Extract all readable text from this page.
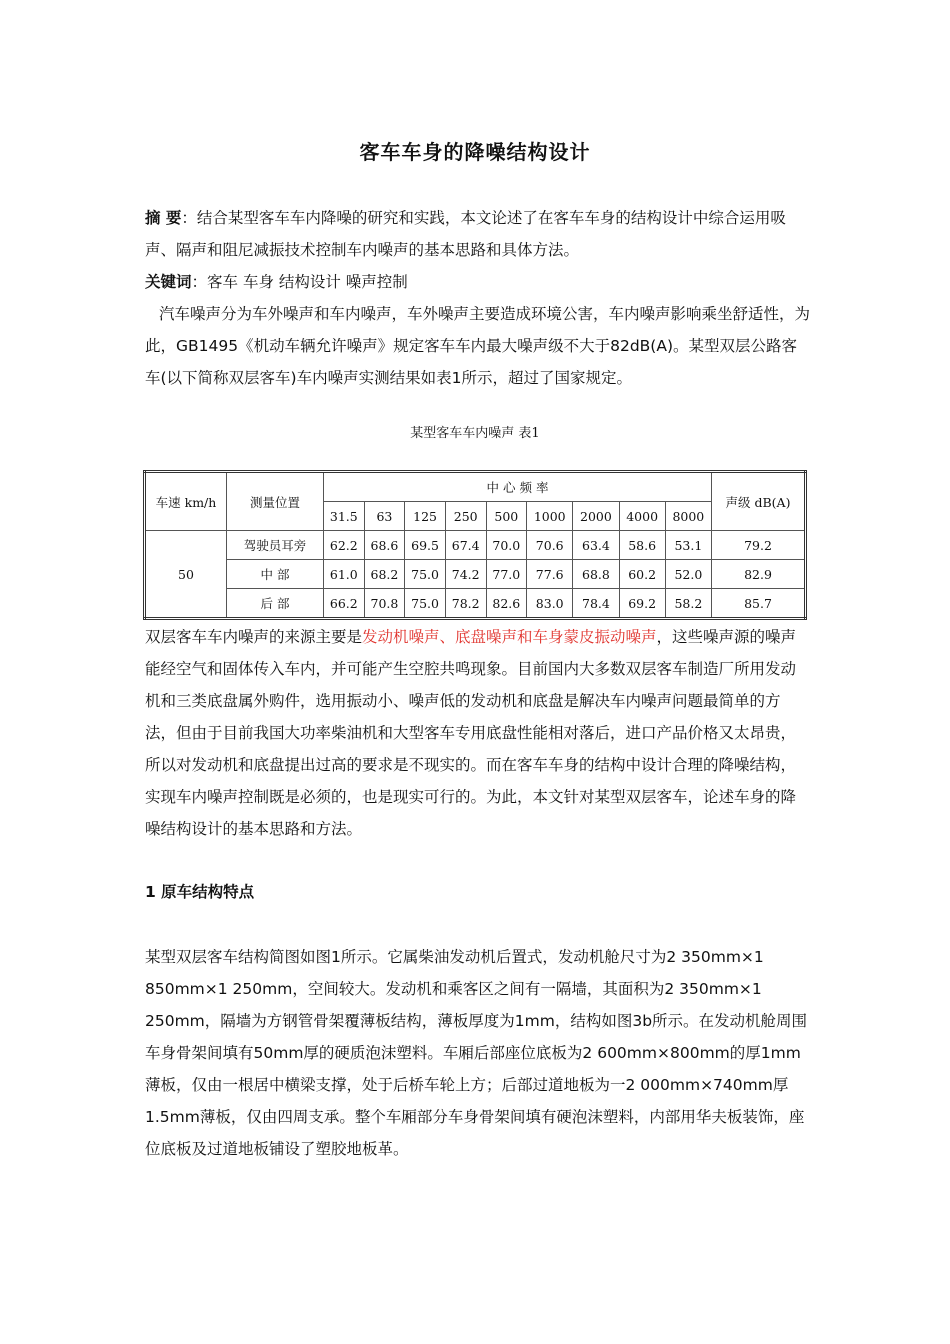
客车车身的降噪结构设计
摘 要：结合某型客车车内降噪的研究和实践，本文论述了在客车车身的结构设计中综合运用吸声、隔声和阻尼减振技术控制车内噪声的基本思路和具体方法。
关键词：客车 车身 结构设计 噪声控制
汽车噪声分为车外噪声和车内噪声，车外噪声主要造成环境公害，车内噪声影响乘坐舒适性，为此，GB1495《机动车辆允许噪声》规定客车车内最大噪声级不大于82dB(A)。某型双层公路客车(以下简称双层客车)车内噪声实测结果如表1所示，超过了国家规定。
某型客车车内噪声 表1
车速 km/h	测量位置	中 心 频 率									声级 dB(A)
		31.5	63	125	250	500	1000	2000	4000	8000	
50	驾驶员耳旁	62.2	68.6	69.5	67.4	70.0	70.6	63.4	58.6	53.1	79.2
	中 部	61.0	68.2	75.0	74.2	77.0	77.6	68.8	60.2	52.0	82.9
	后 部	66.2	70.8	75.0	78.2	82.6	83.0	78.4	69.2	58.2	85.7
双层客车车内噪声的来源主要是发动机噪声、底盘噪声和车身蒙皮振动噪声，这些噪声源的噪声能经空气和固体传入车内，并可能产生空腔共鸣现象。目前国内大多数双层客车制造厂所用发动机和三类底盘属外购件，选用振动小、噪声低的发动机和底盘是解决车内噪声问题最简单的方法，但由于目前我国大功率柴油机和大型客车专用底盘性能相对落后，进口产品价格又太昂贵，所以对发动机和底盘提出过高的要求是不现实的。而在客车车身的结构中设计合理的降噪结构，实现车内噪声控制既是必须的，也是现实可行的。为此，本文针对某型双层客车，论述车身的降噪结构设计的基本思路和方法。
1 原车结构特点
某型双层客车结构简图如图1所示。它属柴油发动机后置式，发动机舱尺寸为2 350mm×1 850mm×1 250mm，空间较大。发动机和乘客区之间有一隔墙，其面积为2 350mm×1 250mm，隔墙为方钢管骨架覆薄板结构，薄板厚度为1mm，结构如图3b所示。在发动机舱周围车身骨架间填有50mm厚的硬质泡沫塑料。车厢后部座位底板为2 600mm×800mm的厚1mm薄板，仅由一根居中横梁支撑，处于后桥车轮上方；后部过道地板为一2 000mm×740mm厚1.5mm薄板，仅由四周支承。整个车厢部分车身骨架间填有硬泡沫塑料，内部用华夫板装饰，座位底板及过道地板铺设了塑胶地板革。
